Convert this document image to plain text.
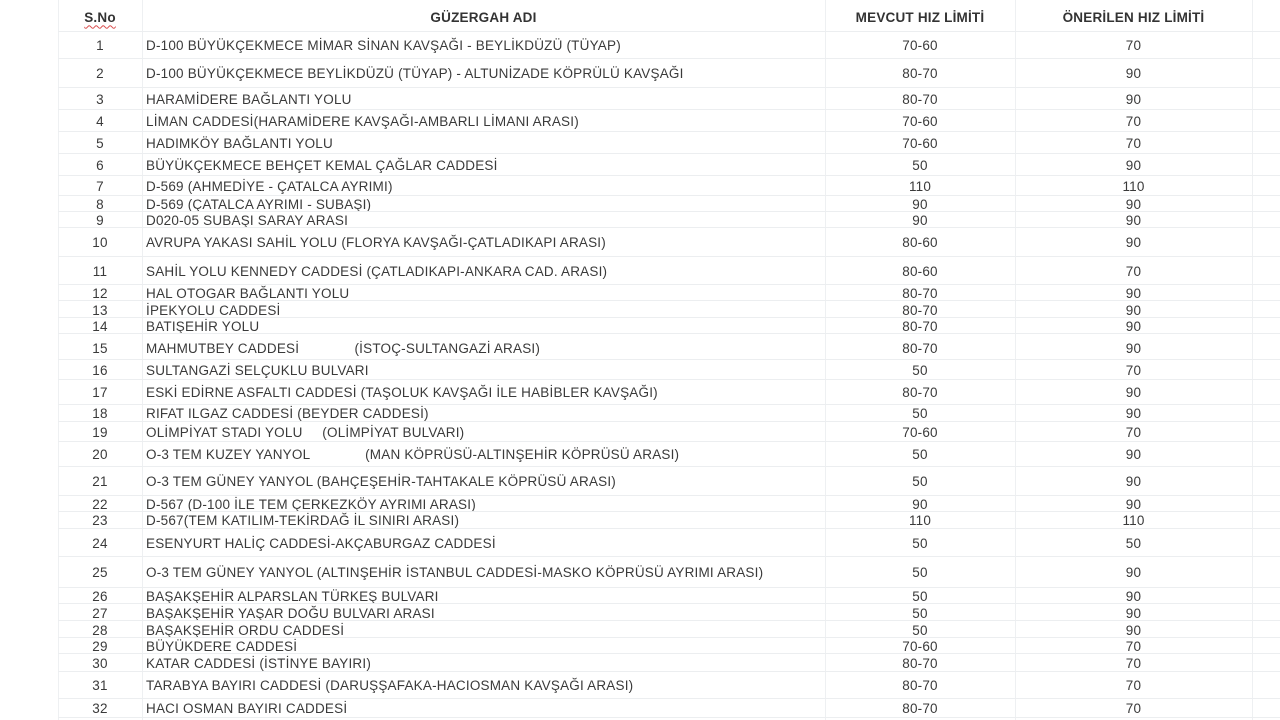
S.No	GÜZERGAH ADI	MEVCUT HIZ LİMİTİ	ÖNERİLEN HIZ LİMİTİ
1	D-100 BÜYÜKÇEKMECE MİMAR SİNAN KAVŞAĞI - BEYLİKDÜZÜ (TÜYAP)	70-60	70
2	D-100 BÜYÜKÇEKMECE BEYLİKDÜZÜ (TÜYAP) - ALTUNİZADE KÖPRÜLÜ KAVŞAĞI	80-70	90
3	HARAMİDERE BAĞLANTI YOLU	80-70	90
4	LİMAN CADDESİ(HARAMİDERE KAVŞAĞI-AMBARLI LİMANI ARASI)	70-60	70
5	HADIMKÖY BAĞLANTI YOLU	70-60	70
6	BÜYÜKÇEKMECE BEHÇET KEMAL ÇAĞLAR CADDESİ	50	90
7	D-569 (AHMEDİYE - ÇATALCA AYRIMI)	110	110
8	D-569 (ÇATALCA AYRIMI - SUBAŞI)	90	90
9	D020-05 SUBAŞI SARAY ARASI	90	90
10	AVRUPA YAKASI SAHİL YOLU (FLORYA KAVŞAĞI-ÇATLADIKAPI ARASI)	80-60	90
11	SAHİL YOLU KENNEDY CADDESİ (ÇATLADIKAPI-ANKARA CAD. ARASI)	80-60	70
12	HAL OTOGAR BAĞLANTI YOLU	80-70	90
13	İPEKYOLU CADDESİ	80-70	90
14	BATIŞEHİR YOLU	80-70	90
15	MAHMUTBEY CADDESİ              (İSTOÇ-SULTANGAZİ ARASI)	80-70	90
16	SULTANGAZİ SELÇUKLU BULVARI	50	70
17	ESKİ EDİRNE ASFALTI CADDESİ (TAŞOLUK KAVŞAĞI İLE HABİBLER KAVŞAĞI)	80-70	90
18	RIFAT ILGAZ CADDESİ (BEYDER CADDESİ)	50	90
19	OLİMPİYAT STADI YOLU     (OLİMPİYAT BULVARI)	70-60	70
20	O-3 TEM KUZEY YANYOL              (MAN KÖPRÜSÜ-ALTINŞEHİR KÖPRÜSÜ ARASI)	50	90
21	O-3 TEM GÜNEY YANYOL (BAHÇEŞEHİR-TAHTAKALE KÖPRÜSÜ ARASI)	50	90
22	D-567 (D-100 İLE TEM ÇERKEZKÖY AYRIMI ARASI)	90	90
23	D-567(TEM KATILIM-TEKİRDAĞ İL SINIRI ARASI)	110	110
24	ESENYURT HALİÇ CADDESİ-AKÇABURGAZ CADDESİ	50	50
25	O-3 TEM GÜNEY YANYOL (ALTINŞEHİR İSTANBUL CADDESİ-MASKO KÖPRÜSÜ AYRIMI ARASI)	50	90
26	BAŞAKŞEHİR ALPARSLAN TÜRKEŞ BULVARI	50	90
27	BAŞAKŞEHİR YAŞAR DOĞU BULVARI ARASI	50	90
28	BAŞAKŞEHİR ORDU CADDESİ	50	90
29	BÜYÜKDERE CADDESİ	70-60	70
30	KATAR CADDESİ (İSTİNYE BAYIRI)	80-70	70
31	TARABYA BAYIRI CADDESİ (DARUŞŞAFAKA-HACIOSMAN KAVŞAĞI ARASI)	80-70	70
32	HACI OSMAN BAYIRI CADDESİ	80-70	70
